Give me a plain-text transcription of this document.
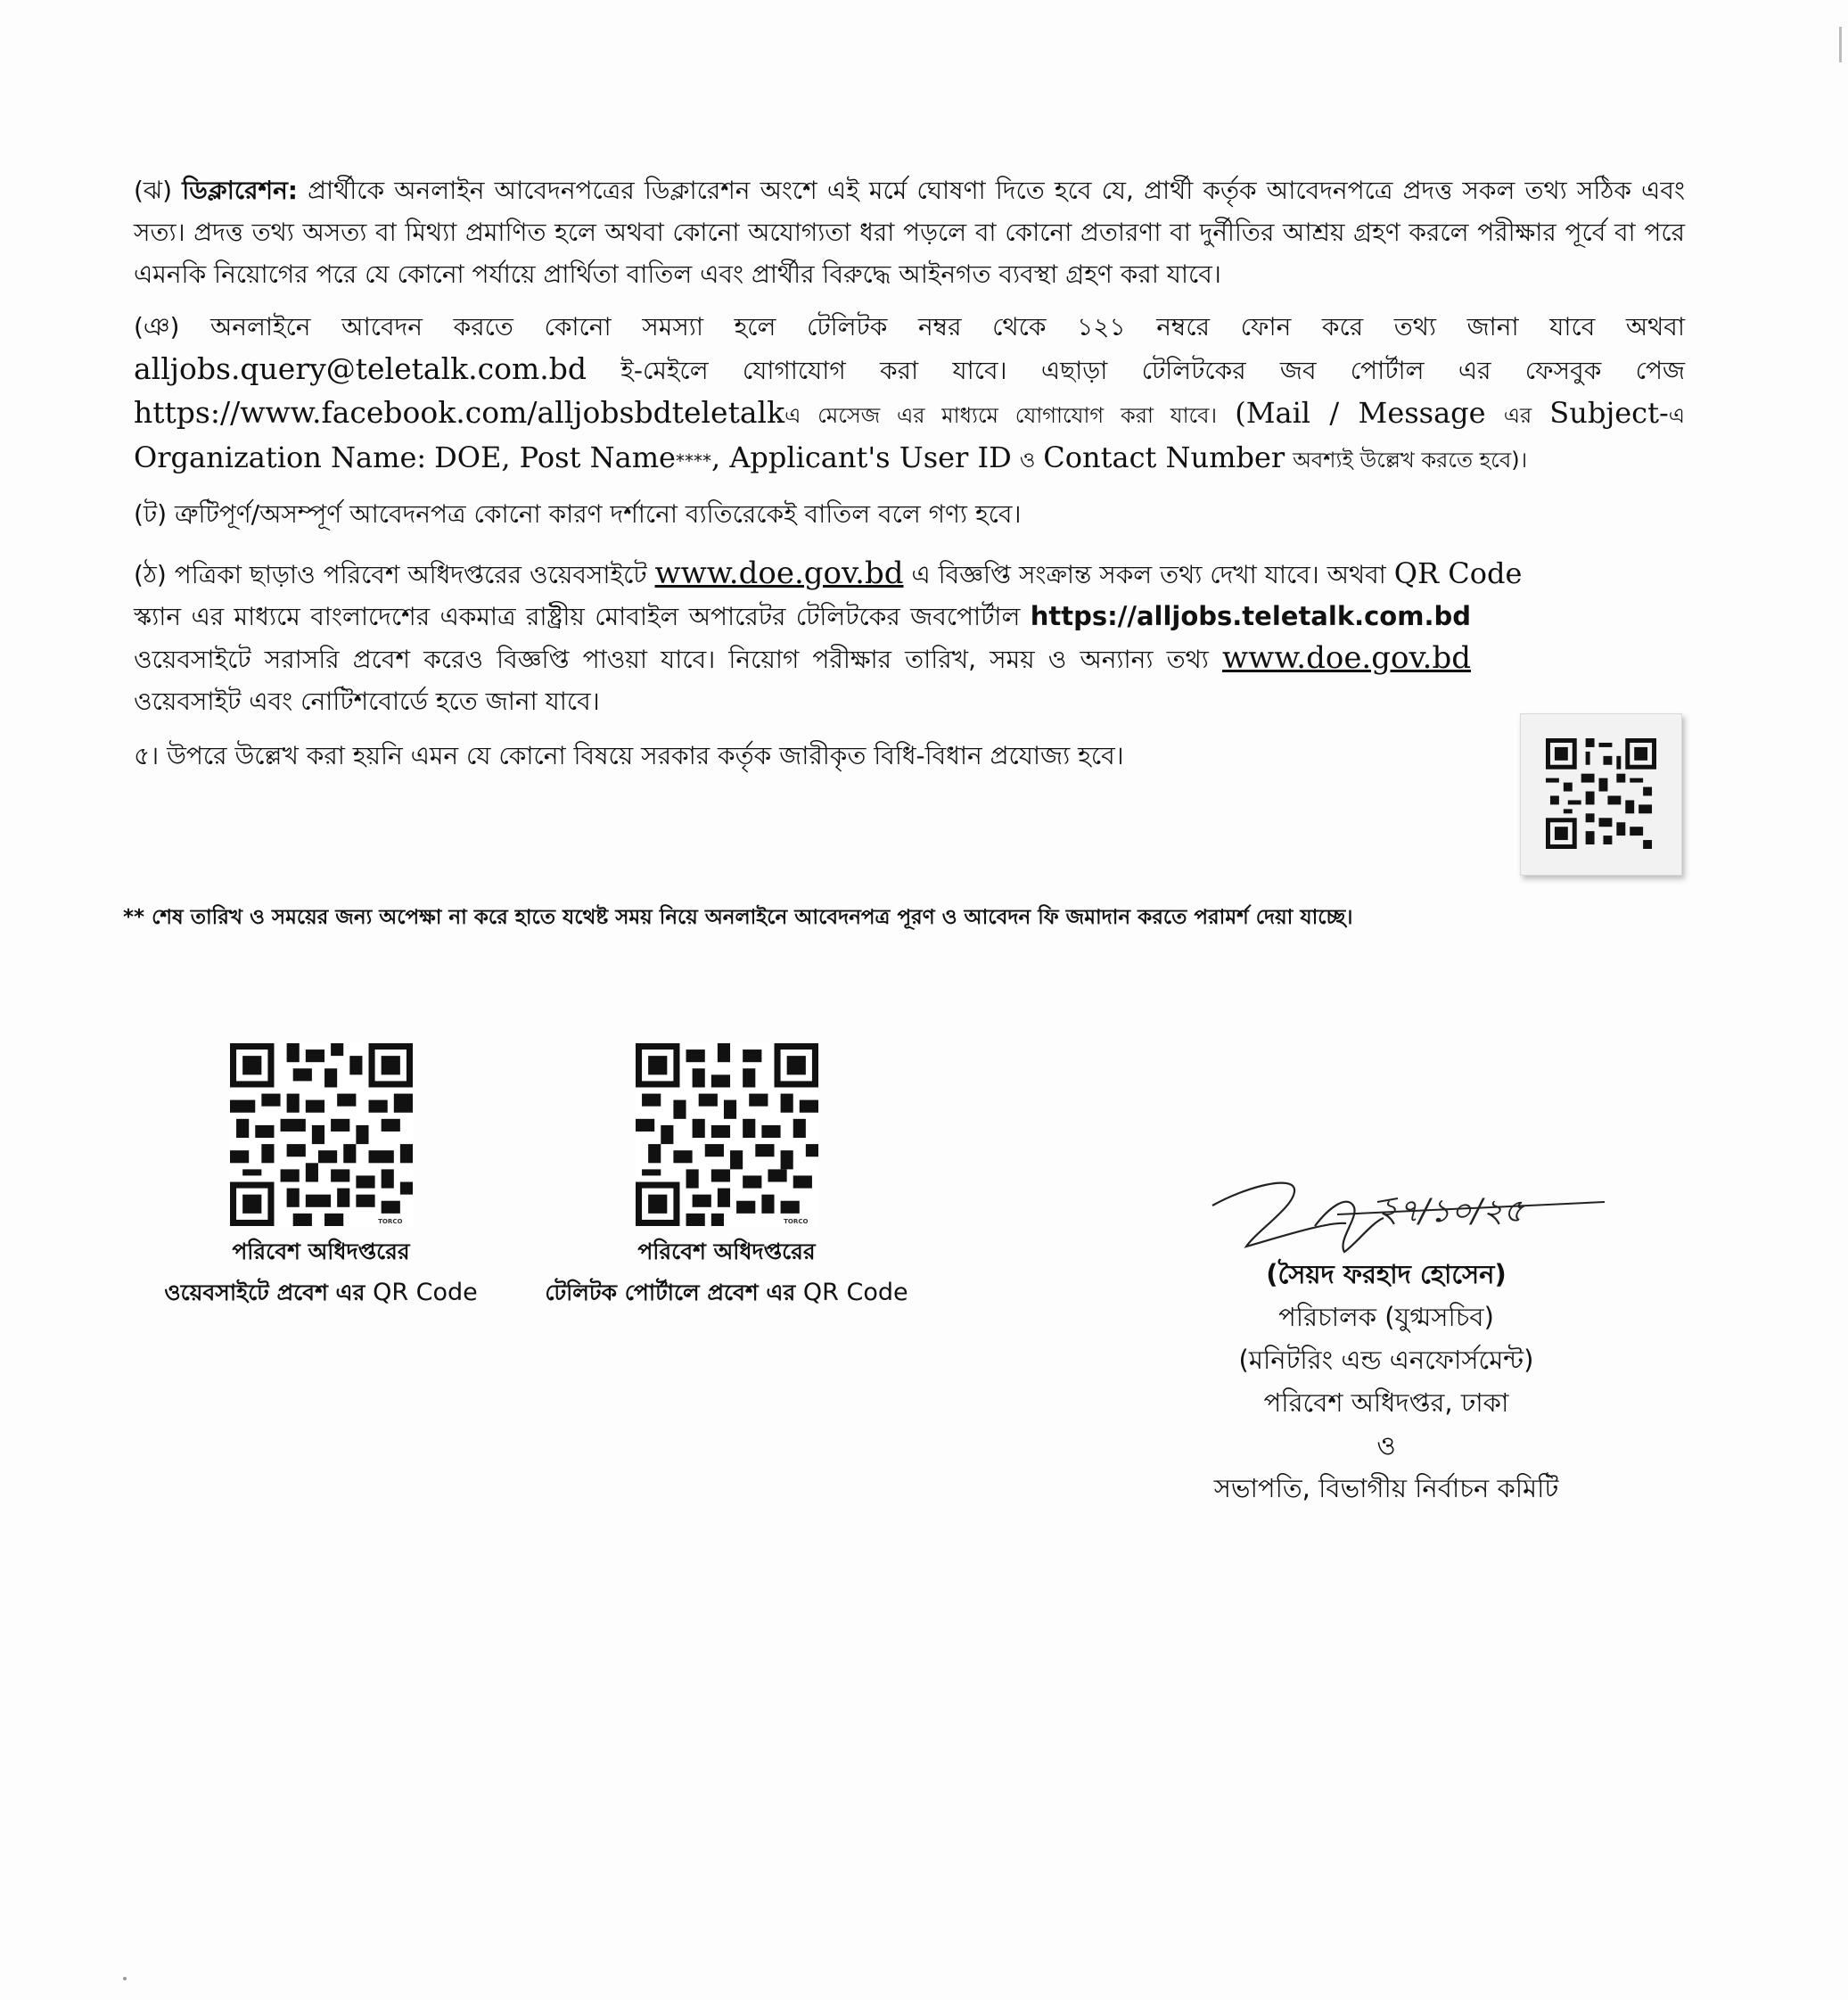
(ঝ) ডিক্লারেশন: প্রার্থীকে অনলাইন আবেদনপত্রের ডিক্লারেশন অংশে এই মর্মে ঘোষণা দিতে হবে যে, প্রার্থী কর্তৃক আবেদনপত্রে প্রদত্ত সকল তথ্য সঠিক এবং সত্য। প্রদত্ত তথ্য অসত্য বা মিথ্যা প্রমাণিত হলে অথবা কোনো অযোগ্যতা ধরা পড়লে বা কোনো প্রতারণা বা দুর্নীতির আশ্রয় গ্রহণ করলে পরীক্ষার পূর্বে বা পরে এমনকি নিয়োগের পরে যে কোনো পর্যায়ে প্রার্থিতা বাতিল এবং প্রার্থীর বিরুদ্ধে আইনগত ব্যবস্থা গ্রহণ করা যাবে।

(ঞ) অনলাইনে আবেদন করতে কোনো সমস্যা হলে টেলিটক নম্বর থেকে ১২১ নম্বরে ফোন করে তথ্য জানা যাবে অথবা alljobs.query@teletalk.com.bd ই-মেইলে যোগাযোগ করা যাবে। এছাড়া টেলিটকের জব পোর্টাল এর ফেসবুক পেজ https://www.facebook.com/alljobsbdteletalkএ মেসেজ এর মাধ্যমে যোগাযোগ করা যাবে। (Mail / Message এর Subject-এ Organization Name: DOE, Post Name****, Applicant's User ID ও Contact Number অবশ্যই উল্লেখ করতে হবে)।

(ট) ত্রুটিপূর্ণ/অসম্পূর্ণ আবেদনপত্র কোনো কারণ দর্শানো ব্যতিরেকেই বাতিল বলে গণ্য হবে।

(ঠ) পত্রিকা ছাড়াও পরিবেশ অধিদপ্তরের ওয়েবসাইটে www.doe.gov.bd এ বিজ্ঞপ্তি সংক্রান্ত সকল তথ্য দেখা যাবে। অথবা QR Code

স্ক্যান এর মাধ্যমে বাংলাদেশের একমাত্র রাষ্ট্রীয় মোবাইল অপারেটর টেলিটকের জবপোর্টাল https://alljobs.teletalk.com.bd ওয়েবসাইটে সরাসরি প্রবেশ করেও বিজ্ঞপ্তি পাওয়া যাবে। নিয়োগ পরীক্ষার তারিখ, সময় ও অন্যান্য তথ্য www.doe.gov.bd ওয়েবসাইট এবং নোটিশবোর্ডে হতে জানা যাবে।

৫। উপরে উল্লেখ করা হয়নি এমন যে কোনো বিষয়ে সরকার কর্তৃক জারীকৃত বিধি-বিধান প্রযোজ্য হবে।

** শেষ তারিখ ও সময়ের জন্য অপেক্ষা না করে হাতে যথেষ্ট সময় নিয়ে অনলাইনে আবেদনপত্র পূরণ ও আবেদন ফি জমাদান করতে পরামর্শ দেয়া যাচ্ছে।
TORCO
পরিবেশ অধিদপ্তরের
ওয়েবসাইটে প্রবেশ এর QR Code
TORCO
পরিবেশ অধিদপ্তরের
টেলিটক পোর্টালে প্রবেশ এর QR Code
২৭/১০/২৫
(সৈয়দ ফরহাদ হোসেন)
পরিচালক (যুগ্মসচিব)
(মনিটরিং এন্ড এনফোর্সমেন্ট)
পরিবেশ অধিদপ্তর, ঢাকা
ও
সভাপতি, বিভাগীয় নির্বাচন কমিটি
